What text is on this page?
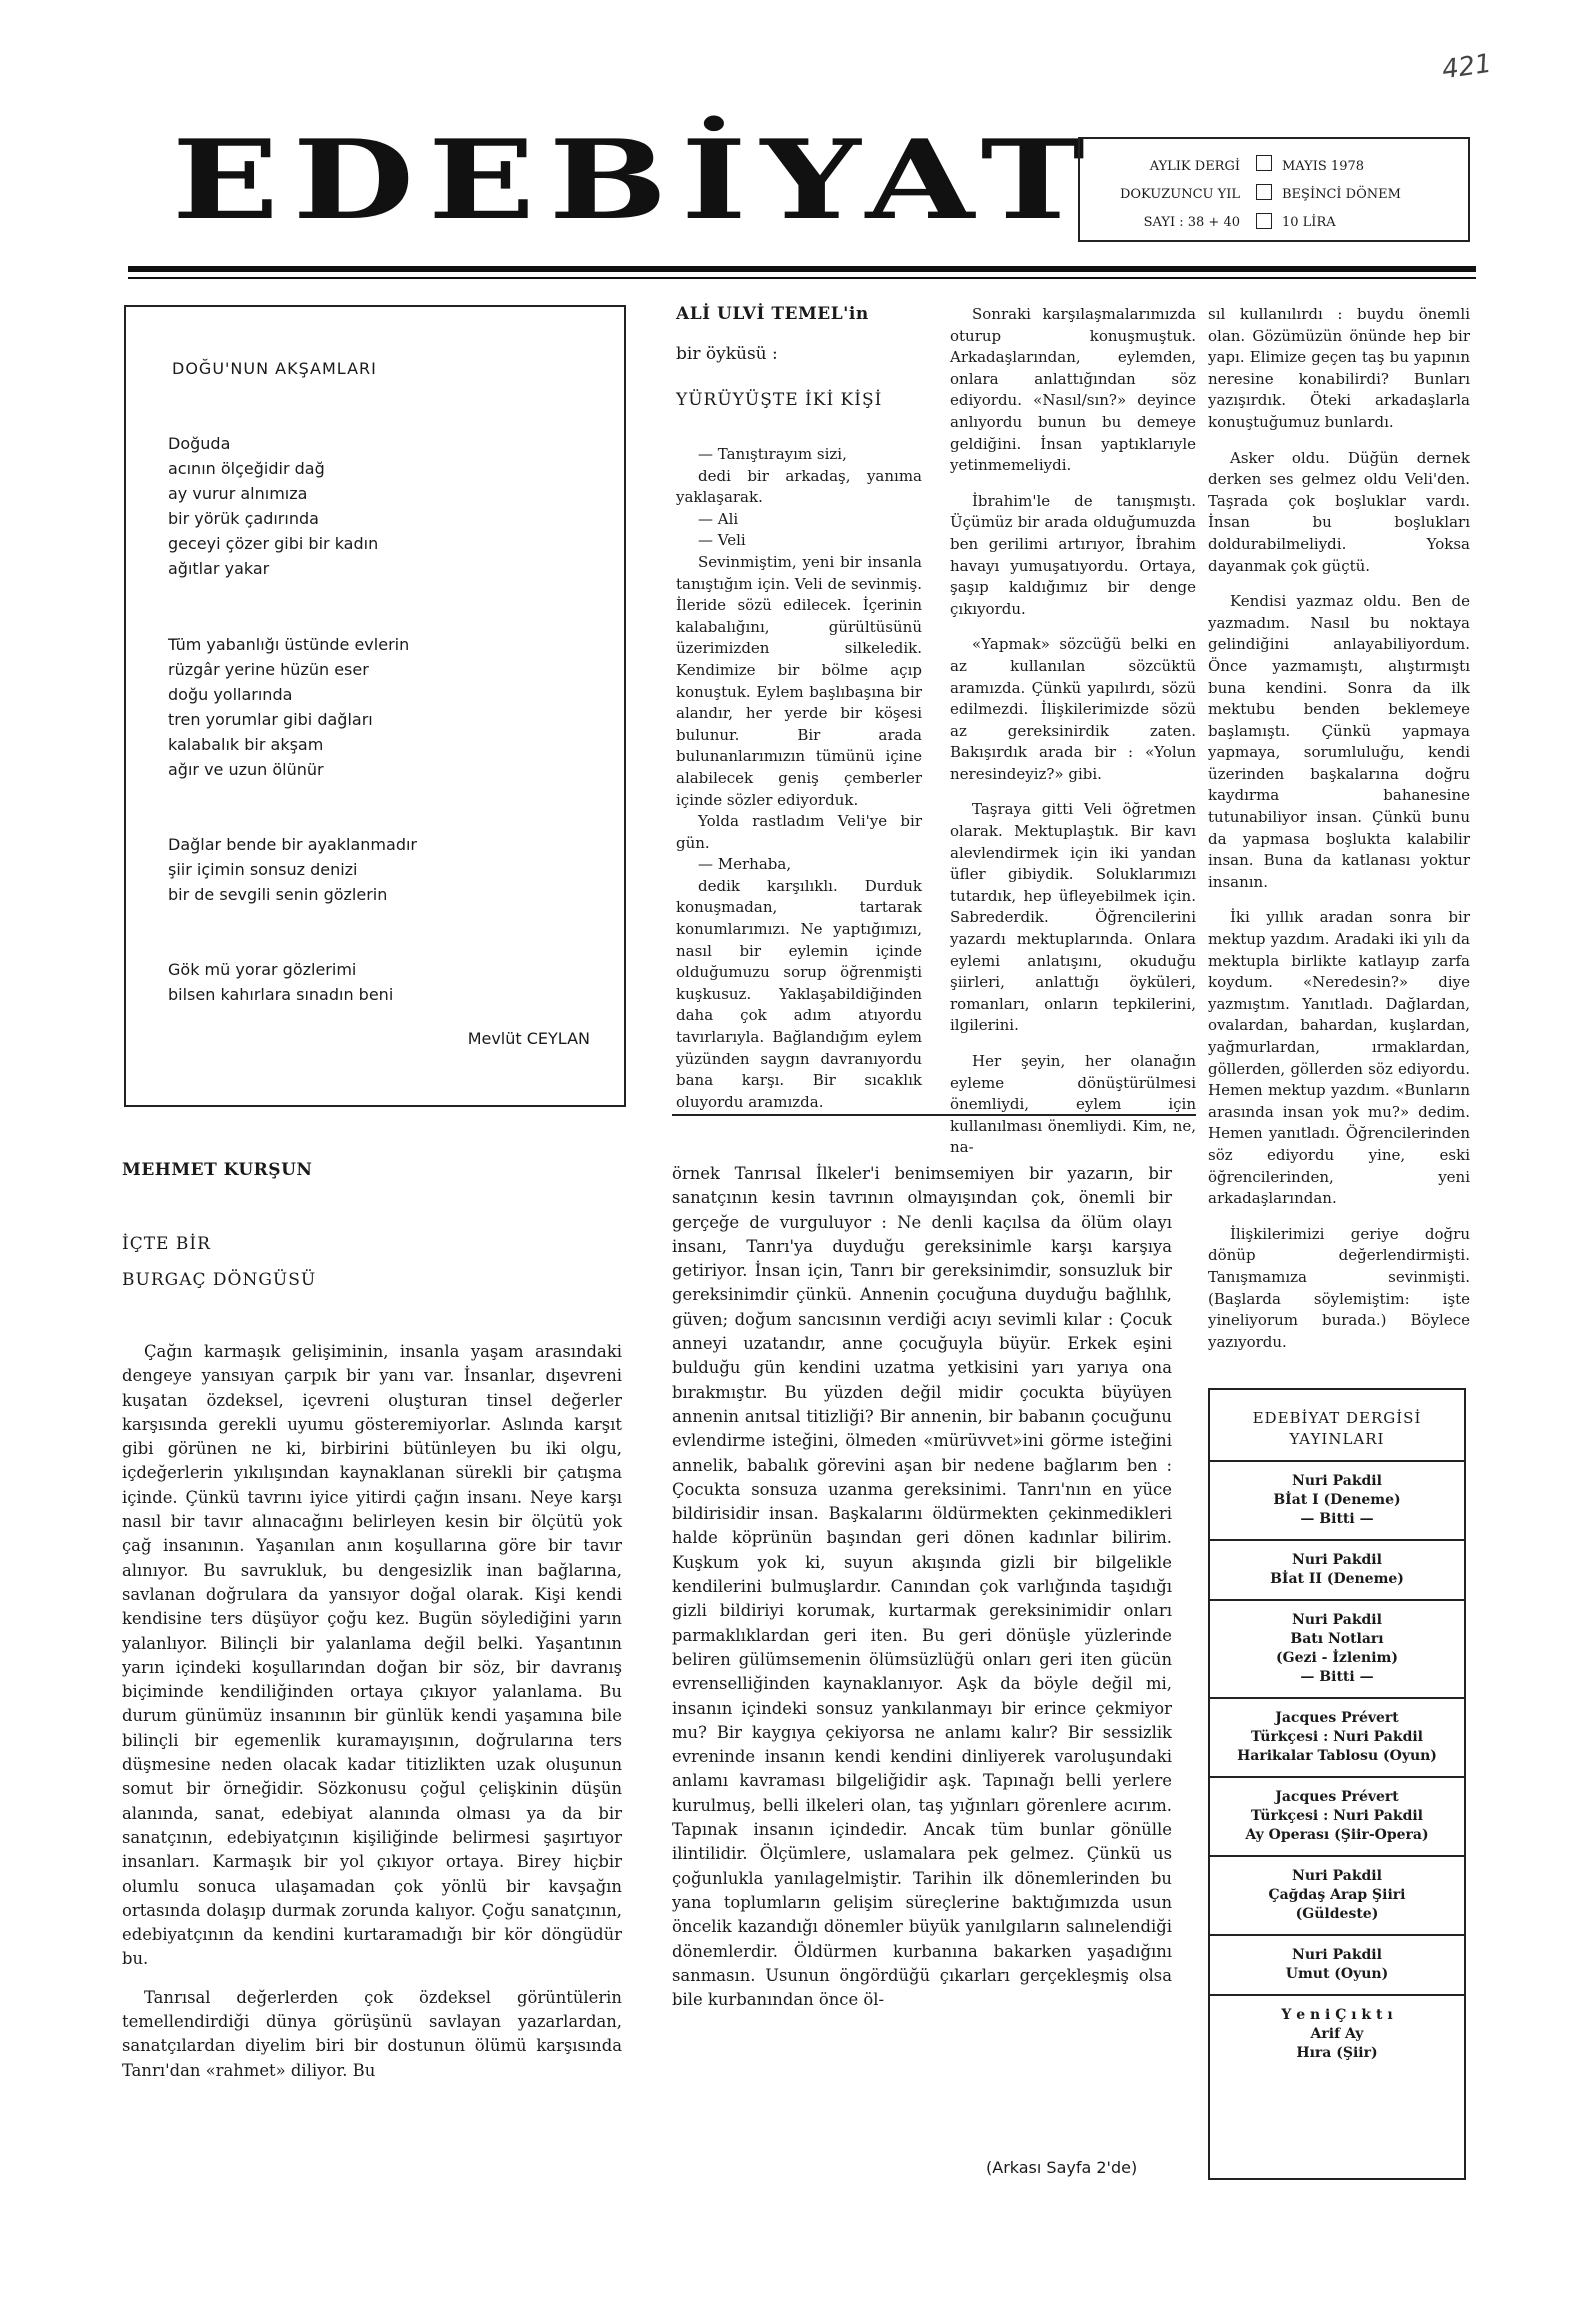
421
EDEBİYAT	AYLIK DERGİ
DOKUZUNCU YIL
SAYI : 38 + 40
MAYIS 1978
BEŞİNCİ DÖNEM
10 LİRA
DOĞU'NUN AKŞAMLARI
Doğuda
acının ölçeğidir dağ
ay vurur alnımıza
bir yörük çadırında
geceyi çözer gibi bir kadın
ağıtlar yakar
Tüm yabanlığı üstünde evlerin
rüzgâr yerine hüzün eser
doğu yollarında
tren yorumlar gibi dağları
kalabalık bir akşam
ağır ve uzun ölünür
Dağlar bende bir ayaklanmadır
şiir içimin sonsuz denizi
bir de sevgili senin gözlerin
Gök mü yorar gözlerimi
bilsen kahırlara sınadın beni
Mevlüt CEYLAN
ALİ ULVİ TEMEL'in
bir öyküsü :
YÜRÜYÜŞTE İKİ KİŞİ

— Tanıştırayım sizi,

dedi bir arkadaş, yanıma yaklaşarak.

— Ali

— Veli

Sevinmiştim, yeni bir insanla tanıştığım için. Veli de sevinmiş. İleride sözü edilecek. İçerinin kalabalığını, gürültüsünü üzerimizden silkeledik. Kendimize bir bölme açıp konuştuk. Eylem başlıbaşına bir alandır, her yerde bir köşesi bulunur. Bir arada bulunanlarımızın tümünü içine alabilecek geniş çemberler içinde sözler ediyorduk.

Yolda rastladım Veli'ye bir gün.

— Merhaba,

dedik karşılıklı. Durduk konuşmadan, tartarak konumlarımızı. Ne yaptığımızı, nasıl bir eylemin içinde olduğumuzu sorup öğrenmişti kuşkusuz. Yaklaşabildiğinden daha çok adım atıyordu tavırlarıyla. Bağlandığım eylem yüzünden saygın davranıyordu bana karşı. Bir sıcaklık oluyordu aramızda.

Sonraki karşılaşmalarımızda oturup konuşmuştuk. Arkadaşlarından, eylemden, onlara anlattığından söz ediyordu. «Nasıl/sın?» deyince anlıyordu bunun bu demeye geldiğini. İnsan yaptıklarıyle yetinmemeliydi.

İbrahim'le de tanışmıştı. Üçümüz bir arada olduğumuzda ben gerilimi artırıyor, İbrahim havayı yumuşatıyordu. Ortaya, şaşıp kaldığımız bir denge çıkıyordu.

«Yapmak» sözcüğü belki en az kullanılan sözcüktü aramızda. Çünkü yapılırdı, sözü edilmezdi. İlişkilerimizde sözü az gereksinirdik zaten. Bakışırdık arada bir : «Yolun neresindeyiz?» gibi.

Taşraya gitti Veli öğretmen olarak. Mektuplaştık. Bir kavı alevlendirmek için iki yandan üfler gibiydik. Soluklarımızı tutardık, hep üfleyebilmek için. Sabrederdik. Öğrencilerini yazardı mektuplarında. Onlara eylemi anlatışını, okuduğu şiirleri, anlattığı öyküleri, romanları, onların tepkilerini, ilgilerini.

Her şeyin, her olanağın eyleme dönüştürülmesi önemliydi, eylem için kullanılması önemliydi. Kim, ne, na-

sıl kullanılırdı : buydu önemli olan. Gözümüzün önünde hep bir yapı. Elimize geçen taş bu yapının neresine konabilirdi? Bunları yazışırdık. Öteki arkadaşlarla konuştuğumuz bunlardı.

Asker oldu. Düğün dernek derken ses gelmez oldu Veli'den. Taşrada çok boşluklar vardı. İnsan bu boşlukları doldurabilmeliydi. Yoksa dayanmak çok güçtü.

Kendisi yazmaz oldu. Ben de yazmadım. Nasıl bu noktaya gelindiğini anlayabiliyordum. Önce yazmamıştı, alıştırmıştı buna kendini. Sonra da ilk mektubu benden beklemeye başlamıştı. Çünkü yapmaya yapmaya, sorumluluğu, kendi üzerinden başkalarına doğru kaydırma bahanesine tutunabiliyor insan. Çünkü bunu da yapmasa boşlukta kalabilir insan. Buna da katlanası yoktur insanın.

İki yıllık aradan sonra bir mektup yazdım. Aradaki iki yılı da mektupla birlikte katlayıp zarfa koydum. «Neredesin?» diye yazmıştım. Yanıtladı. Dağlardan, ovalardan, bahardan, kuşlardan, yağmurlardan, ırmaklardan, göllerden, göllerden söz ediyordu. Hemen mektup yazdım. «Bunların arasında insan yok mu?» dedim. Hemen yanıtladı. Öğrencilerinden söz ediyordu yine, eski öğrencilerinden, yeni arkadaşlarından.

İlişkilerimizi geriye doğru dönüp değerlendirmişti. Tanışmamıza sevinmişti. (Başlarda söylemiştim: işte yineliyorum burada.) Böylece yazıyordu.

MEHMET KURŞUN
İÇTE BİR
BURGAÇ DÖNGÜSÜ

Çağın karmaşık gelişiminin, insanla yaşam arasındaki dengeye yansıyan çarpık bir yanı var. İnsanlar, dışevreni kuşatan özdeksel, içevreni oluşturan tinsel değerler karşısında gerekli uyumu gösteremiyorlar. Aslında karşıt gibi görünen ne ki, birbirini bütünleyen bu iki olgu, içdeğerlerin yıkılışından kaynaklanan sürekli bir çatışma içinde. Çünkü tavrını iyice yitirdi çağın insanı. Neye karşı nasıl bir tavır alınacağını belirleyen kesin bir ölçütü yok çağ insanının. Yaşanılan anın koşullarına göre bir tavır alınıyor. Bu savrukluk, bu dengesizlik inan bağlarına, savlanan doğrulara da yansıyor doğal olarak. Kişi kendi kendisine ters düşüyor çoğu kez. Bugün söylediğini yarın yalanlıyor. Bilinçli bir yalanlama değil belki. Yaşantının yarın içindeki koşullarından doğan bir söz, bir davranış biçiminde kendiliğinden ortaya çıkıyor yalanlama. Bu durum günümüz insanının bir günlük kendi yaşamına bile bilinçli bir egemenlik kuramayışının, doğrularına ters düşmesine neden olacak kadar titizlikten uzak oluşunun somut bir örneğidir. Sözkonusu çoğul çelişkinin düşün alanında, sanat, edebiyat alanında olması ya da bir sanatçının, edebiyatçının kişiliğinde belirmesi şaşırtıyor insanları. Karmaşık bir yol çıkıyor ortaya. Birey hiçbir olumlu sonuca ulaşamadan çok yönlü bir kavşağın ortasında dolaşıp durmak zorunda kalıyor. Çoğu sanatçının, edebiyatçının da kendini kurtaramadığı bir kör döngüdür bu.

Tanrısal değerlerden çok özdeksel görüntülerin temellendirdiği dünya görüşünü savlayan yazarlardan, sanatçılardan diyelim biri bir dostunun ölümü karşısında Tanrı'dan «rahmet» diliyor. Bu

örnek Tanrısal İlkeler'i benimsemiyen bir yazarın, bir sanatçının kesin tavrının olmayışından çok, önemli bir gerçeğe de vurguluyor : Ne denli kaçılsa da ölüm olayı insanı, Tanrı'ya duyduğu gereksinimle karşı karşıya getiriyor. İnsan için, Tanrı bir gereksinimdir, sonsuzluk bir gereksinimdir çünkü. Annenin çocuğuna duyduğu bağlılık, güven; doğum sancısının verdiği acıyı sevimli kılar : Çocuk anneyi uzatandır, anne çocuğuyla büyür. Erkek eşini bulduğu gün kendini uzatma yetkisini yarı yarıya ona bırakmıştır. Bu yüzden değil midir çocukta büyüyen annenin anıtsal titizliği? Bir annenin, bir babanın çocuğunu evlendirme isteğini, ölmeden «mürüvvet»ini görme isteğini annelik, babalık görevini aşan bir nedene bağlarım ben : Çocukta sonsuza uzanma gereksinimi. Tanrı'nın en yüce bildirisidir insan. Başkalarını öldürmekten çekinmedikleri halde köprünün başından geri dönen kadınlar bilirim. Kuşkum yok ki, suyun akışında gizli bir bilgelikle kendilerini bulmuşlardır. Canından çok varlığında taşıdığı gizli bildiriyi korumak, kurtarmak gereksinimidir onları parmaklıklardan geri iten. Bu geri dönüşle yüzlerinde beliren gülümsemenin ölümsüzlüğü onları geri iten gücün evrenselliğinden kaynaklanıyor. Aşk da böyle değil mi, insanın içindeki sonsuz yankılanmayı bir erince çekmiyor mu? Bir kaygıya çekiyorsa ne anlamı kalır? Bir sessizlik evreninde insanın kendi kendini dinliyerek varoluşundaki anlamı kavraması bilgeliğidir aşk. Tapınağı belli yerlere kurulmuş, belli ilkeleri olan, taş yığınları görenlere acırım. Tapınak insanın içindedir. Ancak tüm bunlar gönülle ilintilidir. Ölçümlere, uslamalara pek gelmez. Çünkü us çoğunlukla yanılagelmiştir. Tarihin ilk dönemlerinden bu yana toplumların gelişim süreçlerine baktığımızda usun öncelik kazandığı dönemler büyük yanılgıların salınelendiği dönemlerdir. Öldürmen kurbanına bakarken yaşadığını sanmasın. Usunun öngördüğü çıkarları gerçekleşmiş olsa bile kurbanından önce öl-

(Arkası Sayfa 2'de)
EDEBİYAT DERGİSİ YAYINLARI
Nuri Pakdil
Bİat I (Deneme)
— Bitti —
Nuri Pakdil
Bİat II (Deneme)
Nuri Pakdil
Batı Notları
(Gezi - İzlenim)
— Bitti —
Jacques Prévert
Türkçesi : Nuri Pakdil
Harikalar Tablosu (Oyun)
Jacques Prévert
Türkçesi : Nuri Pakdil
Ay Operası (Şiir-Opera)
Nuri Pakdil
Çağdaş Arap Şiiri
(Güldeste)
Nuri Pakdil
Umut (Oyun)
Y e n i Ç ı k t ı
Arif Ay
Hıra (Şiir)
